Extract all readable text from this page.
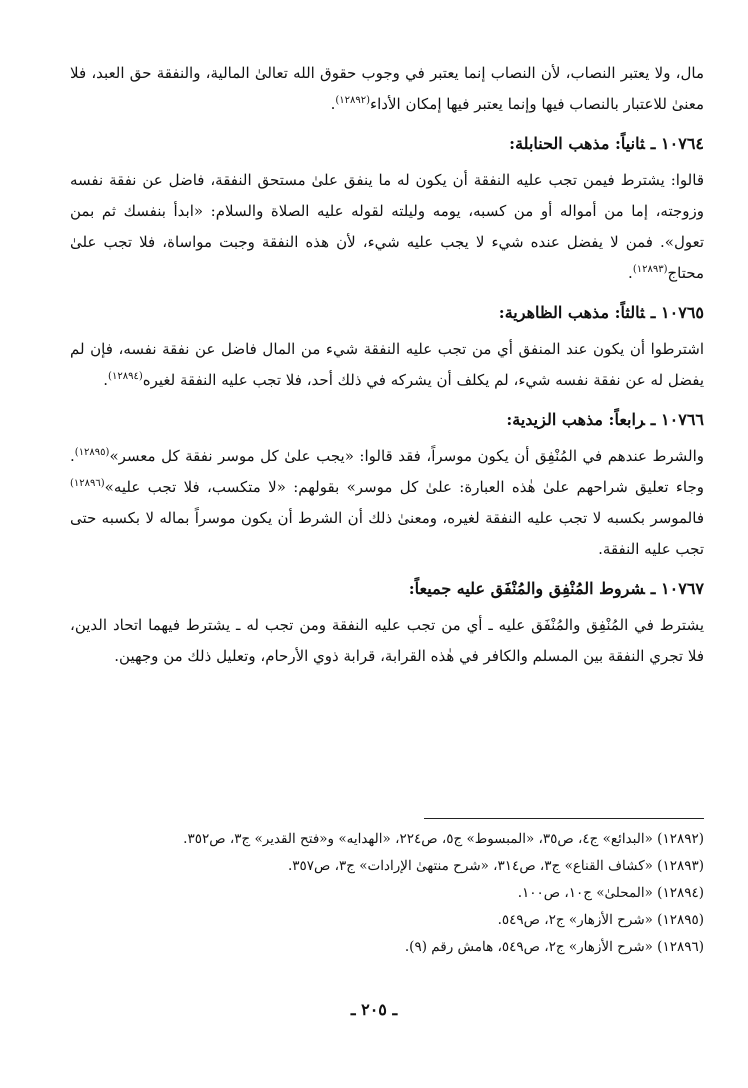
مال، ولا يعتبر النصاب، لأن النصاب إنما يعتبر في وجوب حقوق الله تعالىٰ المالية، والنفقة حق العبد، فلا معنىٰ للاعتبار بالنصاب فيها وإنما يعتبر فيها إمكان الأداء$^{(١٢٨٩٢)}$.

١٠٧٦٤ ـثانياً: مذهب الحنابلة:

قالوا: يشترط فيمن تجب عليه النفقة أن يكون له ما ينفق علىٰ مستحق النفقة، فاضل عن نفقة نفسه وزوجته، إما من أمواله أو من كسبه، يومه وليلته لقوله عليه الصلاة والسلام: «ابدأ بنفسك ثم بمن تعول». فمن لا يفضل عنده شيء لا يجب عليه شيء، لأن هذه النفقة وجبت مواساة، فلا تجب علىٰ محتاج$^{(١٢٨٩٣)}$.

١٠٧٦٥ ـثالثاً: مذهب الظاهرية:

اشترطوا أن يكون عند المنفق أي من تجب عليه النفقة شيء من المال فاضل عن نفقة نفسه، فإن لم يفضل له عن نفقة نفسه شيء، لم يكلف أن يشركه في ذلك أحد، فلا تجب عليه النفقة لغيره$^{(١٢٨٩٤)}$.

١٠٧٦٦ ـرابعاً: مذهب الزيدية:

والشرط عندهم في المُنْفِق أن يكون موسراً، فقد قالوا: «يجب علىٰ كل موسر نفقة كل معسر»$^{(١٢٨٩٥)}$. وجاء تعليق شراحهم علىٰ هٰذه العبارة: علىٰ كل موسر» بقولهم: «لا متكسب، فلا تجب عليه»$^{(١٢٨٩٦)}$ فالموسر بكسبه لا تجب عليه النفقة لغيره، ومعنىٰ ذلك أن الشرط أن يكون موسراً بماله لا بكسبه حتى تجب عليه النفقة.

١٠٧٦٧ ـشروط المُنْفِق والمُنْفَق عليه جميعاً:

يشترط في المُنْفِق والمُنْفَق عليه ـ أي من تجب عليه النفقة ومن تجب له ـ يشترط فيهما اتحاد الدين، فلا تجري النفقة بين المسلم والكافر في هٰذه القرابة، قرابة ذوي الأرحام، وتعليل ذلك من وجهين.

(١٢٨٩٢) «البدائع» ج٤، ص٣٥، «المبسوط» ج٥، ص٢٢٤، «الهدايه» و«فتح القدير» ج٣، ص٣٥٢.

(١٢٨٩٣) «كشاف القناع» ج٣، ص٣١٤، «شرح منتهىٰ الإرادات» ج٣، ص٣٥٧.

(١٢٨٩٤) «المحلىٰ» ج١٠، ص١٠٠.

(١٢٨٩٥) «شرح الأزهار» ج٢، ص٥٤٩.

(١٢٨٩٦) «شرح الأزهار» ج٢، ص٥٤٩، هامش رقم (٩).

ـ ٢٠٥ ـ
